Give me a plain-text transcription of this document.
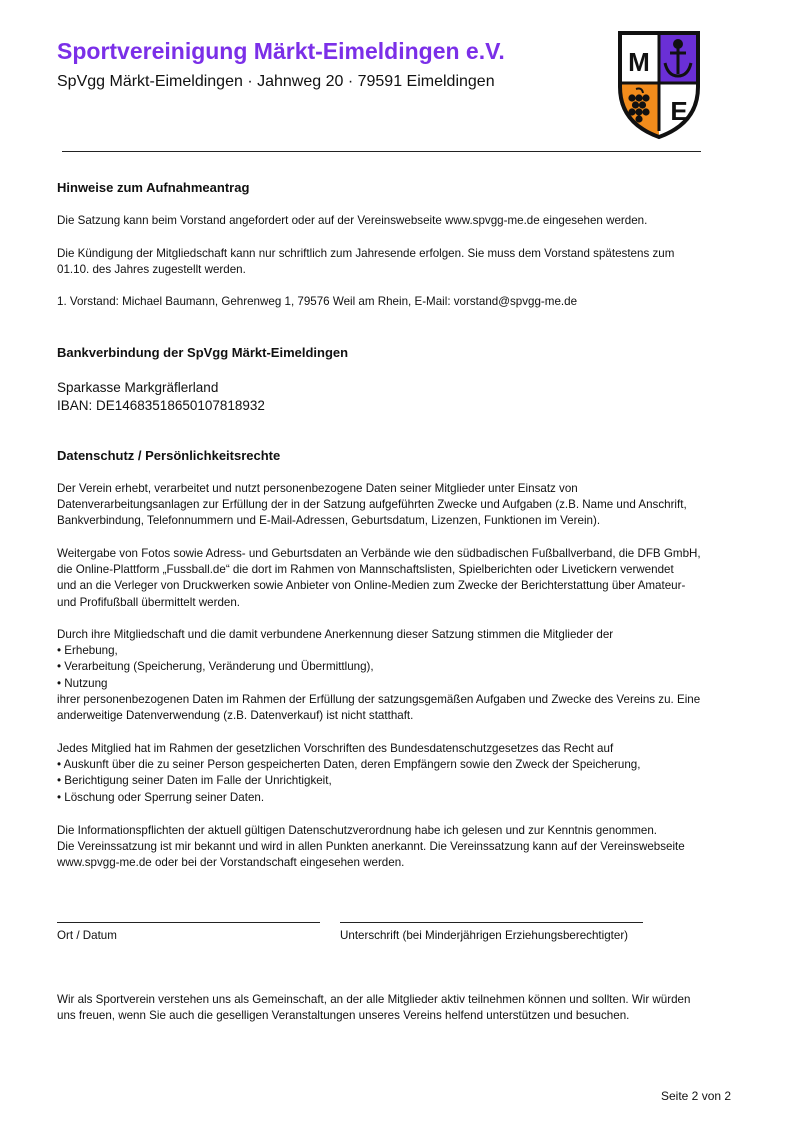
Sportvereinigung Märkt-Eimeldingen e.V.
SpVgg Märkt-Eimeldingen · Jahnweg 20 · 79591 Eimeldingen
M
E
Hinweise zum Aufnahmeantrag
Die Satzung kann beim Vorstand angefordert oder auf der Vereinswebseite www.spvgg-me.de eingesehen werden.

Die Kündigung der Mitgliedschaft kann nur schriftlich zum Jahresende erfolgen. Sie muss dem Vorstand spätestens zum

01.10. des Jahres zugestellt werden.

1. Vorstand: Michael Baumann, Gehrenweg 1, 79576 Weil am Rhein, E-Mail: vorstand@spvgg-me.de
Bankverbindung der SpVgg Märkt-Eimeldingen
Sparkasse Markgräflerland
IBAN: DE14683518650107818932
Datenschutz / Persönlichkeitsrechte

Der Verein erhebt, verarbeitet und nutzt personenbezogene Daten seiner Mitglieder unter Einsatz von

Datenverarbeitungsanlagen zur Erfüllung der in der Satzung aufgeführten Zwecke und Aufgaben (z.B. Name und Anschrift,

Bankverbindung, Telefonnummern und E-Mail-Adressen, Geburtsdatum, Lizenzen, Funktionen im Verein).

Weitergabe von Fotos sowie Adress- und Geburtsdaten an Verbände wie den südbadischen Fußballverband, die DFB GmbH,

die Online-Plattform „Fussball.de“ die dort im Rahmen von Mannschaftslisten, Spielberichten oder Livetickern verwendet

und an die Verleger von Druckwerken sowie Anbieter von Online-Medien zum Zwecke der Berichterstattung über Amateur-

und Profifußball übermittelt werden.

Durch ihre Mitgliedschaft und die damit verbundene Anerkennung dieser Satzung stimmen die Mitglieder der

• Erhebung,

• Verarbeitung (Speicherung, Veränderung und Übermittlung),

• Nutzung

ihrer personenbezogenen Daten im Rahmen der Erfüllung der satzungsgemäßen Aufgaben und Zwecke des Vereins zu. Eine

anderweitige Datenverwendung (z.B. Datenverkauf) ist nicht statthaft.

Jedes Mitglied hat im Rahmen der gesetzlichen Vorschriften des Bundesdatenschutzgesetzes das Recht auf

• Auskunft über die zu seiner Person gespeicherten Daten, deren Empfängern sowie den Zweck der Speicherung,

• Berichtigung seiner Daten im Falle der Unrichtigkeit,

• Löschung oder Sperrung seiner Daten.

Die Informationspflichten der aktuell gültigen Datenschutzverordnung habe ich gelesen und zur Kenntnis genommen.

Die Vereinssatzung ist mir bekannt und wird in allen Punkten anerkannt. Die Vereinssatzung kann auf der Vereinswebseite

www.spvgg-me.de oder bei der Vorstandschaft eingesehen werden.

Ort / Datum	Unterschrift (bei Minderjährigen Erziehungsberechtigter)

Wir als Sportverein verstehen uns als Gemeinschaft, an der alle Mitglieder aktiv teilnehmen können und sollten. Wir würden

uns freuen, wenn Sie auch die geselligen Veranstaltungen unseres Vereins helfend unterstützen und besuchen.

Seite 2 von 2
